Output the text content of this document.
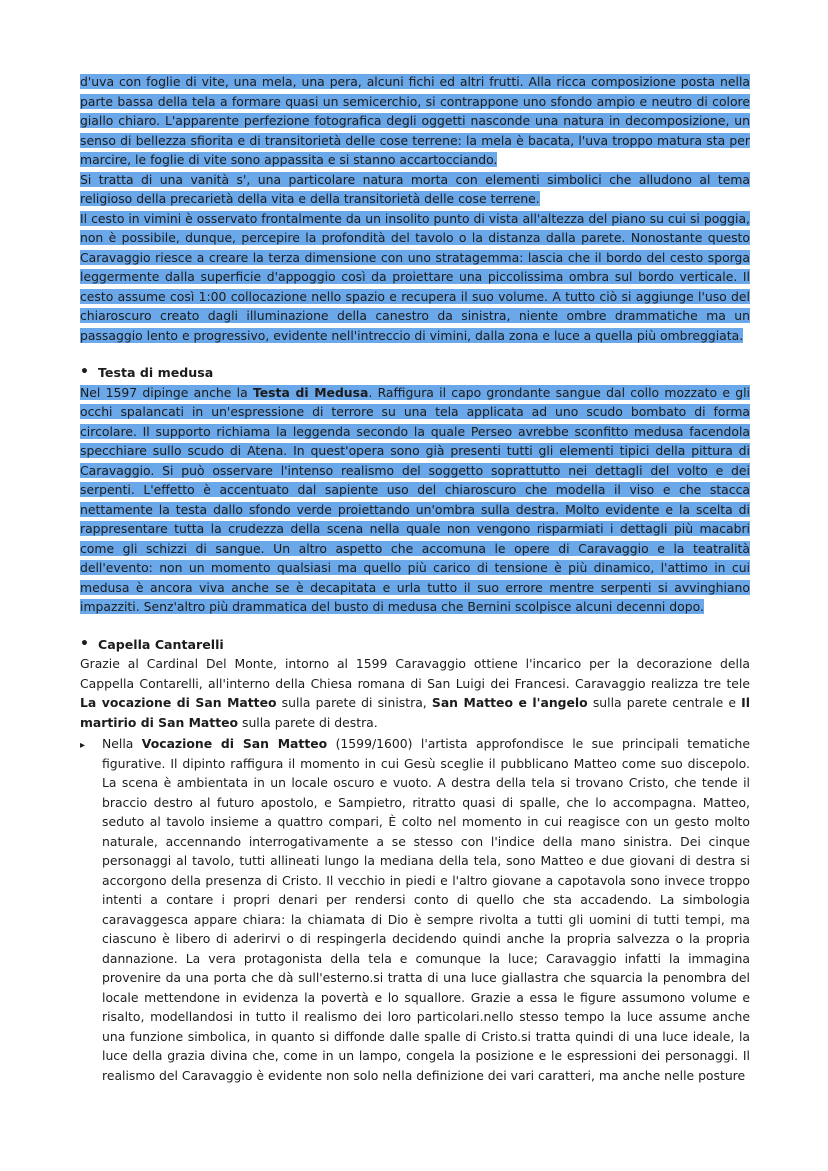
d'uva con foglie di vite, una mela, una pera, alcuni fichi ed altri frutti. Alla ricca composizione posta nella parte bassa della tela a formare quasi un semicerchio, si contrappone uno sfondo ampio e neutro di colore giallo chiaro. L'apparente perfezione fotografica degli oggetti nasconde una natura in decomposizione, un senso di bellezza sfiorita e di transitorietà delle cose terrene: la mela è bacata, l'uva troppo matura sta per marcire, le foglie di vite sono appassita e si stanno accartocciando.

Si tratta di una vanità s', una particolare natura morta con elementi simbolici che alludono al tema religioso della precarietà della vita e della transitorietà delle cose terrene.

Il cesto in vimini è osservato frontalmente da un insolito punto di vista all'altezza del piano su cui si poggia, non è possibile, dunque, percepire la profondità del tavolo o la distanza dalla parete. Nonostante questo Caravaggio riesce a creare la terza dimensione con uno stratagemma: lascia che il bordo del cesto sporga leggermente dalla superficie d'appoggio così da proiettare una piccolissima ombra sul bordo verticale. Il cesto assume così 1:00 collocazione nello spazio e recupera il suo volume. A tutto ciò si aggiunge l'uso del chiaroscuro creato dagli illuminazione della canestro da sinistra, niente ombre drammatiche ma un passaggio lento e progressivo, evidente nell'intreccio di vimini, dalla zona e luce a quella più ombreggiata.

• Testa di medusa

Nel 1597 dipinge anche la Testa di Medusa. Raffigura il capo grondante sangue dal collo mozzato e gli occhi spalancati in un'espressione di terrore su una tela applicata ad uno scudo bombato di forma circolare. Il supporto richiama la leggenda secondo la quale Perseo avrebbe sconfitto medusa facendola specchiare sullo scudo di Atena. In quest'opera sono già presenti tutti gli elementi tipici della pittura di Caravaggio. Si può osservare l'intenso realismo del soggetto soprattutto nei dettagli del volto e dei serpenti. L'effetto è accentuato dal sapiente uso del chiaroscuro che modella il viso e che stacca nettamente la testa dallo sfondo verde proiettando un'ombra sulla destra. Molto evidente e la scelta di rappresentare tutta la crudezza della scena nella quale non vengono risparmiati i dettagli più macabri come gli schizzi di sangue. Un altro aspetto che accomuna le opere di Caravaggio e la teatralità dell'evento: non un momento qualsiasi ma quello più carico di tensione è più dinamico, l'attimo in cui medusa è ancora viva anche se è decapitata e urla tutto il suo errore mentre serpenti si avvinghiano impazziti. Senz'altro più drammatica del busto di medusa che Bernini scolpisce alcuni decenni dopo.

• Capella Cantarelli

Grazie al Cardinal Del Monte, intorno al 1599 Caravaggio ottiene l'incarico per la decorazione della Cappella Contarelli, all'interno della Chiesa romana di San Luigi dei Francesi. Caravaggio realizza tre tele La vocazione di San Matteo sulla parete di sinistra, San Matteo e l'angelo sulla parete centrale e Il martirio di San Matteo sulla parete di destra.

▸	Nella Vocazione di San Matteo (1599/1600) l'artista approfondisce le sue principali tematiche figurative. Il dipinto raffigura il momento in cui Gesù sceglie il pubblicano Matteo come suo discepolo. La scena è ambientata in un locale oscuro e vuoto. A destra della tela si trovano Cristo, che tende il braccio destro al futuro apostolo, e Sampietro, ritratto quasi di spalle, che lo accompagna. Matteo, seduto al tavolo insieme a quattro compari, È colto nel momento in cui reagisce con un gesto molto naturale, accennando interrogativamente a se stesso con l'indice della mano sinistra. Dei cinque personaggi al tavolo, tutti allineati lungo la mediana della tela, sono Matteo e due giovani di destra si accorgono della presenza di Cristo. Il vecchio in piedi e l'altro giovane a capotavola sono invece troppo intenti a contare i propri denari per rendersi conto di quello che sta accadendo. La simbologia caravaggesca appare chiara: la chiamata di Dio è sempre rivolta a tutti gli uomini di tutti tempi, ma ciascuno è libero di aderirvi o di respingerla decidendo quindi anche la propria salvezza o la propria dannazione. La vera protagonista della tela e comunque la luce; Caravaggio infatti la immagina provenire da una porta che dà sull'esterno.si tratta di una luce giallastra che squarcia la penombra del locale mettendone in evidenza la povertà e lo squallore. Grazie a essa le figure assumono volume e risalto, modellandosi in tutto il realismo dei loro particolari.nello stesso tempo la luce assume anche una funzione simbolica, in quanto si diffonde dalle spalle di Cristo.si tratta quindi di una luce ideale, la luce della grazia divina che, come in un lampo, congela la posizione e le espressioni dei personaggi. Il realismo del Caravaggio è evidente non solo nella definizione dei vari caratteri, ma anche nelle posture
